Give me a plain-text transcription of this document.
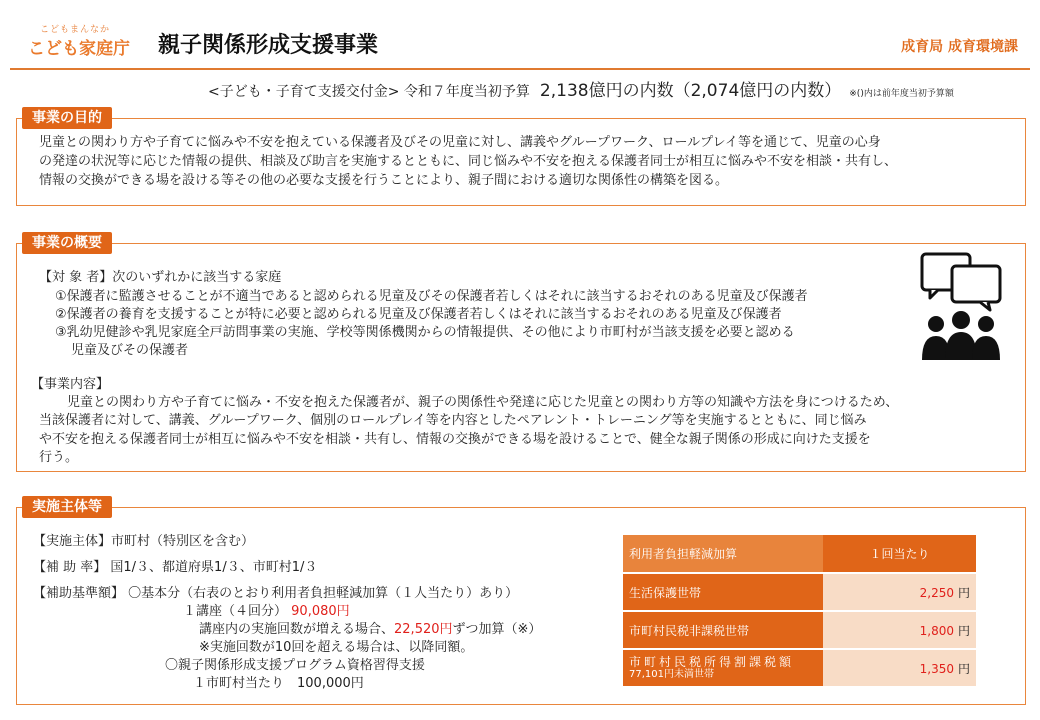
こどもまんなか
こども家庭庁 親子関係形成支援事業	成育局 成育環境課
<子ども・子育て支援交付金> 令和７年度当初予算 2,138億円の内数（2,074億円の内数） ※()内は前年度当初予算額
児童との関わり方や子育てに悩みや不安を抱えている保護者及びその児童に対し、講義やグループワーク、ロールプレイ等を通じて、児童の心身
の発達の状況等に応じた情報の提供、相談及び助言を実施するとともに、同じ悩みや不安を抱える保護者同士が相互に悩みや不安を相談・共有し、
情報の交換ができる場を設ける等その他の必要な支援を行うことにより、親子間における適切な関係性の構築を図る。
事業の目的
【対 象 者】次のいずれかに該当する家庭
①保護者に監護させることが不適当であると認められる児童及びその保護者若しくはそれに該当するおそれのある児童及び保護者
②保護者の養育を支援することが特に必要と認められる児童及び保護者若しくはそれに該当するおそれのある児童及び保護者
③乳幼児健診や乳児家庭全戸訪問事業の実施、学校等関係機関からの情報提供、その他により市町村が当該支援を必要と認める
児童及びその保護者
【事業内容】
児童との関わり方や子育てに悩み・不安を抱えた保護者が、親子の関係性や発達に応じた児童との関わり方等の知識や方法を身につけるため、
当該保護者に対して、講義、グループワーク、個別のロールプレイ等を内容としたペアレント・トレーニング等を実施するとともに、同じ悩み
や不安を抱える保護者同士が相互に悩みや不安を相談・共有し、情報の交換ができる場を設けることで、健全な親子関係の形成に向けた支援を
行う。
事業の概要
【実施主体】市町村（特別区を含む）
【補 助 率】 国1/３、都道府県1/３、市町村1/３
【補助基準額】 〇基本分（右表のとおり利用者負担軽減加算（１人当たり）あり）
１講座（４回分） 90,080円
講座内の実施回数が増える場合、22,520円ずつ加算（※）
※実施回数が10回を超える場合は、以降同額。
〇親子関係形成支援プログラム資格習得支援
１市町村当たり　100,000円
実施主体等
利用者負担軽減加算	１回当たり
生活保護世帯	2,250 円
市町村民税非課税世帯	1,800 円

市町村民税所得割課税額
77,101円未満世帯	1,350 円
